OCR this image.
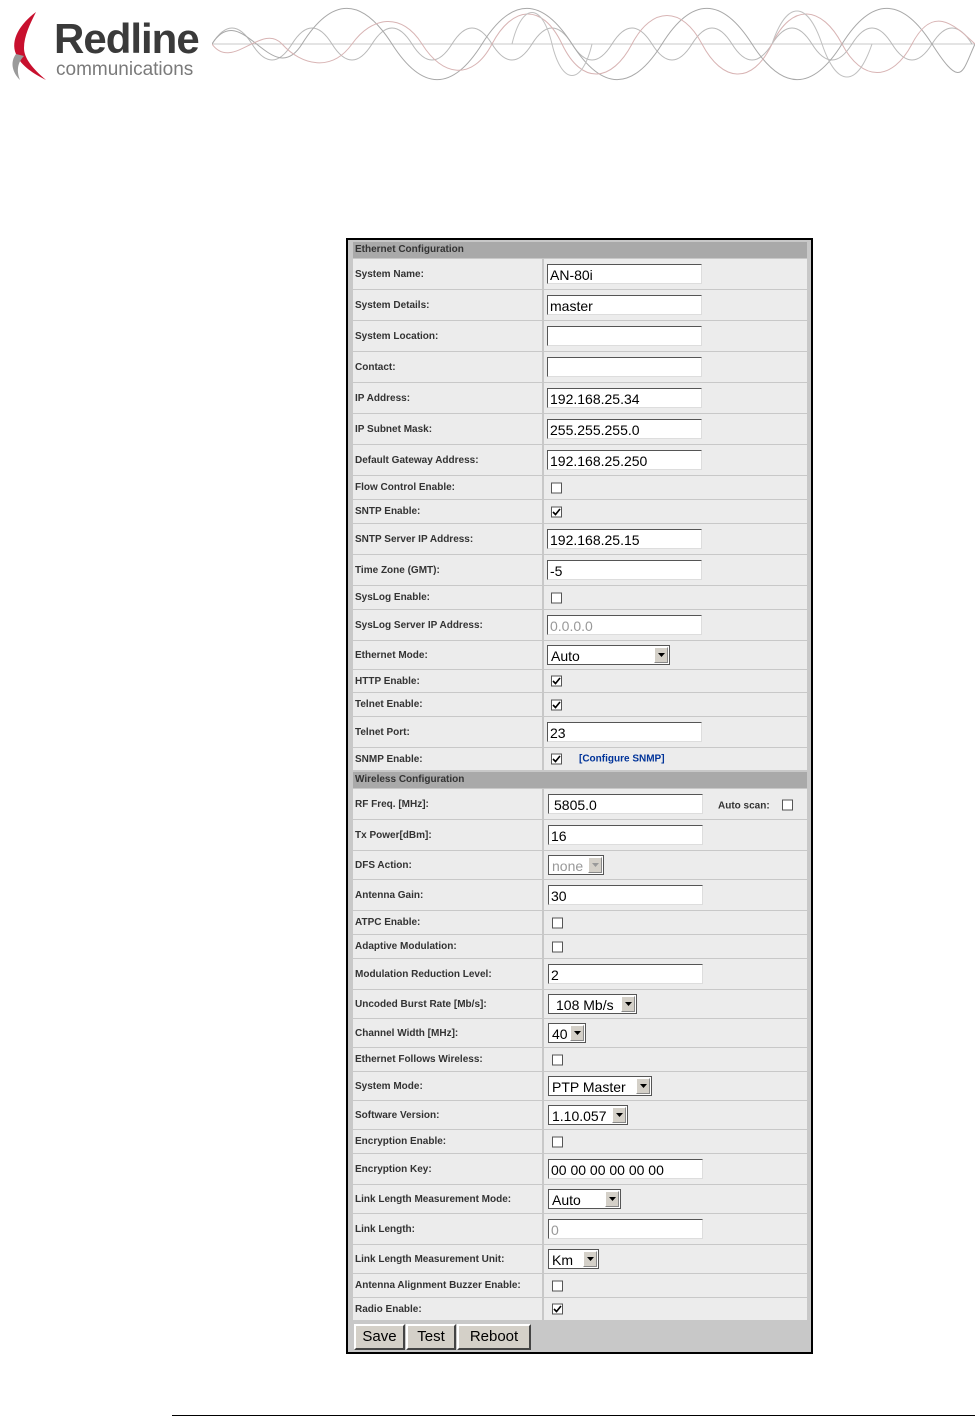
Redline
communications
Ethernet Configuration
System Name:	AN-80i
System Details:	master
System Location:
Contact:
IP Address:	192.168.25.34
IP Subnet Mask:	255.255.255.0
Default Gateway Address:	192.168.25.250
Flow Control Enable:
SNTP Enable:
SNTP Server IP Address:	192.168.25.15
Time Zone (GMT):	-5
SysLog Enable:
SysLog Server IP Address:	0.0.0.0
Ethernet Mode:	Auto
HTTP Enable:
Telnet Enable:
Telnet Port:	23
SNMP Enable:	[Configure SNMP]
Wireless Configuration
RF Freq. [MHz]:	5805.0	Auto scan:
Tx Power[dBm]:	16
DFS Action:	none
Antenna Gain:	30
ATPC Enable:
Adaptive Modulation:
Modulation Reduction Level:	2
Uncoded Burst Rate [Mb/s]:	108 Mb/s
Channel Width [MHz]:	40
Ethernet Follows Wireless:
System Mode:	PTP Master
Software Version:	1.10.057
Encryption Enable:
Encryption Key:	00 00 00 00 00 00
Link Length Measurement Mode:	Auto
Link Length:	0
Link Length Measurement Unit:	Km
Antenna Alignment Buzzer Enable:
Radio Enable:
Save	Test	Reboot
